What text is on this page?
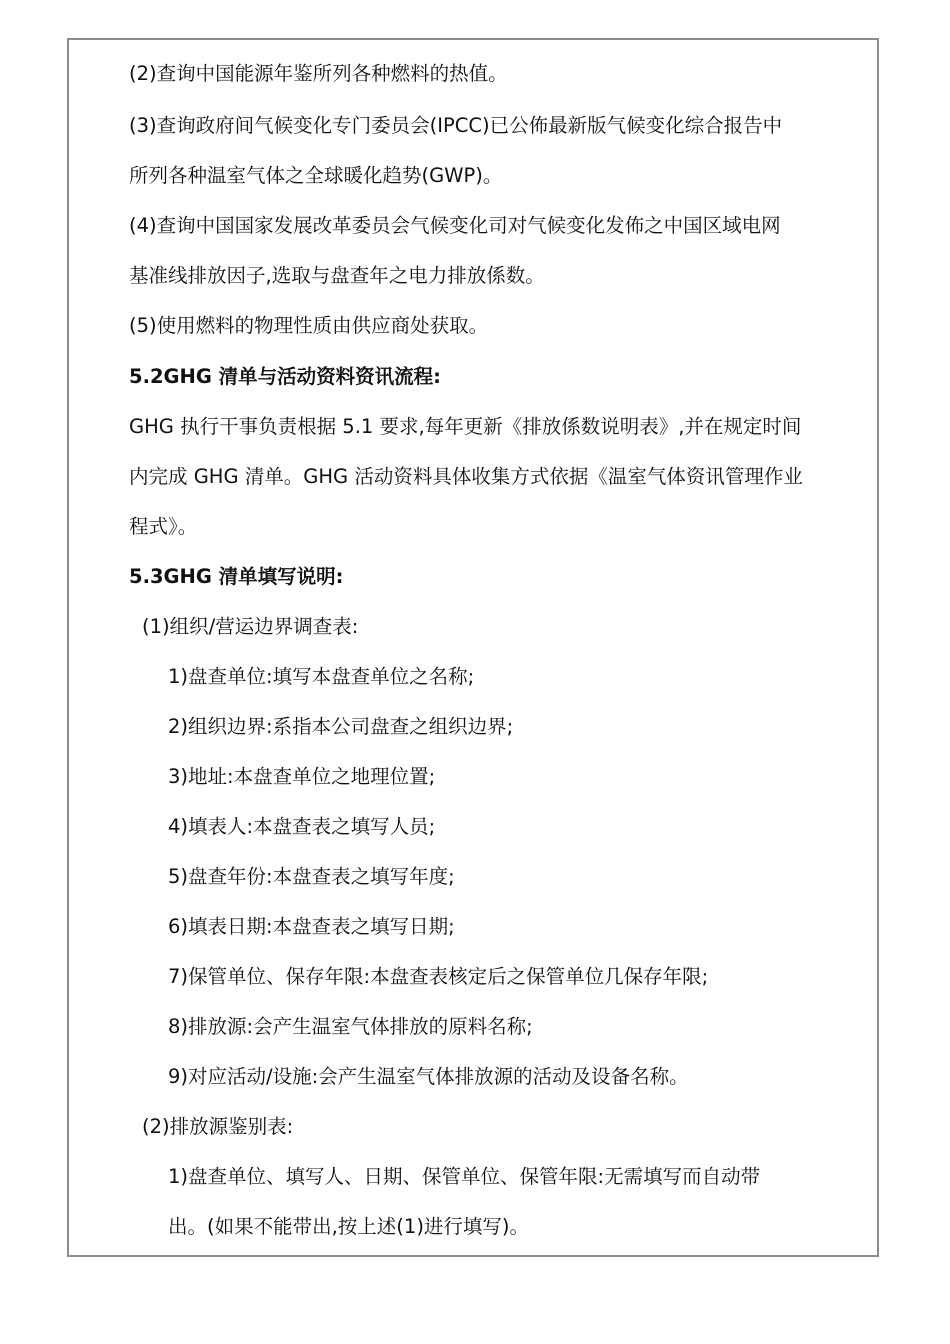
(2)查询中国能源年鉴所列各种燃料的热值。
(3)查询政府间气候变化专门委员会(IPCC)已公佈最新版气候变化综合报告中
所列各种温室气体之全球暖化趋势(GWP)。
(4)查询中国国家发展改革委员会气候变化司对气候变化发佈之中国区域电网
基准线排放因子,选取与盘查年之电力排放係数。
(5)使用燃料的物理性质由供应商处获取。
5.2GHG 清单与活动资料资讯流程:
GHG 执行干事负责根据 5.1 要求,每年更新《排放係数说明表》,并在规定时间
内完成 GHG 清单。GHG 活动资料具体收集方式依据《温室气体资讯管理作业
程式》。
5.3GHG 清单填写说明:
(1)组织/营运边界调查表:
1)盘查单位:填写本盘查单位之名称;
2)组织边界:系指本公司盘查之组织边界;
3)地址:本盘查单位之地理位置;
4)填表人:本盘查表之填写人员;
5)盘查年份:本盘查表之填写年度;
6)填表日期:本盘查表之填写日期;
7)保管单位、保存年限:本盘查表核定后之保管单位几保存年限;
8)排放源:会产生温室气体排放的原料名称;
9)对应活动/设施:会产生温室气体排放源的活动及设备名称。
(2)排放源鉴别表:
1)盘查单位、填写人、日期、保管单位、保管年限:无需填写而自动带
出。(如果不能带出,按上述(1)进行填写)。
